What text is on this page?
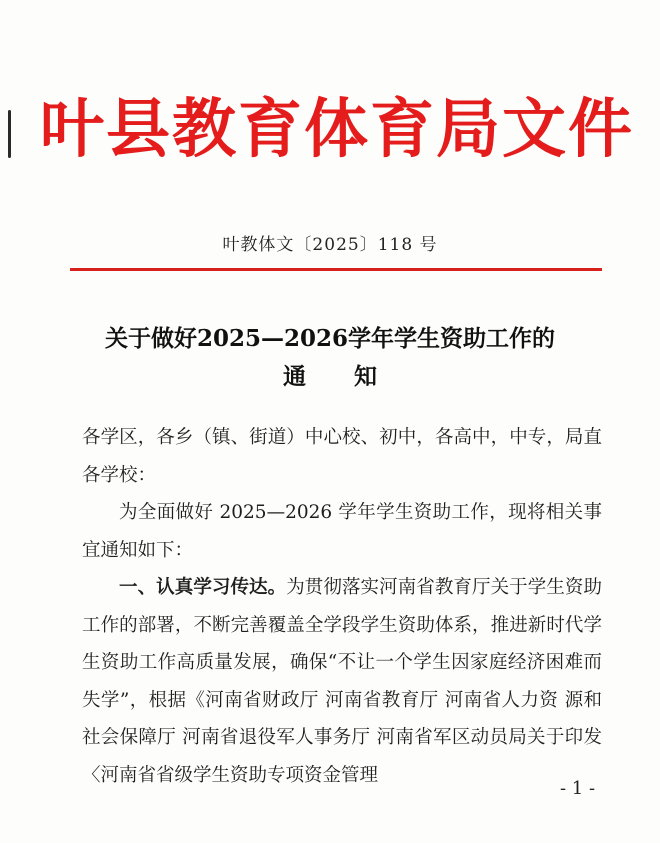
叶县教育体育局文件
叶教体文〔2025〕118 号
关于做好2025—2026学年学生资助工作的
通知

各学区，各乡（镇、街道）中心校、初中，各高中，中专，局直各学校：

为全面做好 2025—2026 学年学生资助工作，现将相关事宜通知如下：

一、认真学习传达。为贯彻落实河南省教育厅关于学生资助工作的部署，不断完善覆盖全学段学生资助体系，推进新时代学生资助工作高质量发展，确保“不让一个学生因家庭经济困难而失学”，根据《河南省财政厅 河南省教育厅 河南省人力资 源和社会保障厅 河南省退役军人事务厅 河南省军区动员局关于印发〈河南省省级学生资助专项资金管理

- 1 -
